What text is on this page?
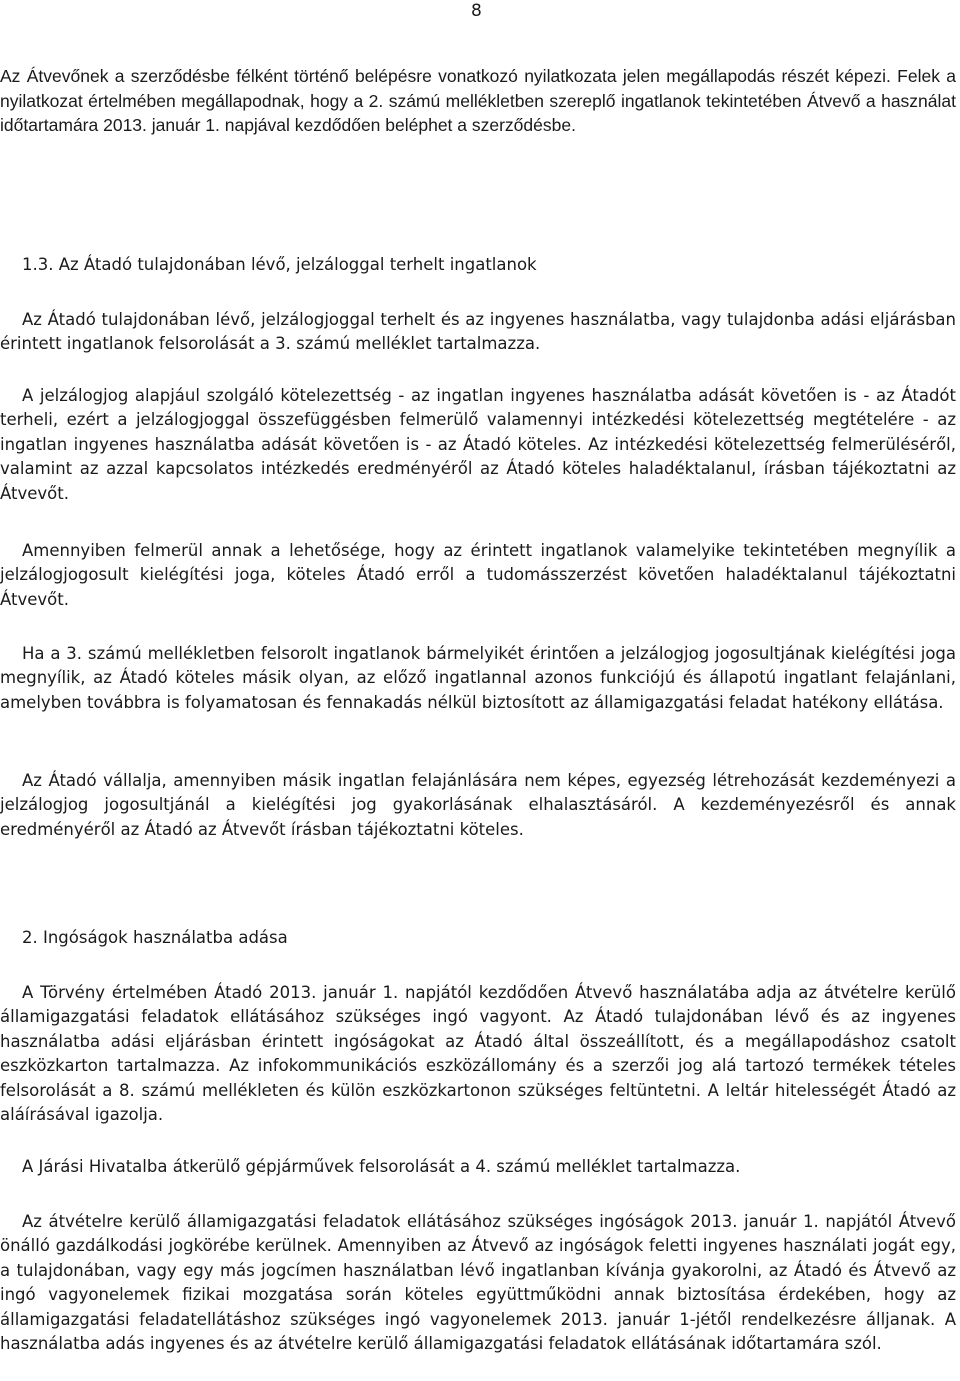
8

Az Átvevőnek a szerződésbe félként történő belépésre vonatkozó nyilatkozata jelen megállapodás részét képezi. Felek a nyilatkozat értelmében megállapodnak, hogy a 2. számú mellékletben szereplő ingatlanok tekintetében Átvevő a használat időtartamára 2013. január 1. napjával kezdődően beléphet a szerződésbe.

1.3. Az Átadó tulajdonában lévő, jelzáloggal terhelt ingatlanok

Az Átadó tulajdonában lévő, jelzálogjoggal terhelt és az ingyenes használatba, vagy tulajdonba adási eljárásban érintett ingatlanok felsorolását a 3. számú melléklet tartalmazza.

A jelzálogjog alapjául szolgáló kötelezettség - az ingatlan ingyenes használatba adását követően is - az Átadót terheli, ezért a jelzálogjoggal összefüggésben felmerülő valamennyi intézkedési kötelezettség megtételére - az ingatlan ingyenes használatba adását követően is - az Átadó köteles. Az intézkedési kötelezettség felmerüléséről, valamint az azzal kapcsolatos intézkedés eredményéről az Átadó köteles haladéktalanul, írásban tájékoztatni az Átvevőt.

Amennyiben felmerül annak a lehetősége, hogy az érintett ingatlanok valamelyike tekintetében megnyílik a jelzálogjogosult kielégítési joga, köteles Átadó erről a tudomásszerzést követően haladéktalanul tájékoztatni Átvevőt.

Ha a 3. számú mellékletben felsorolt ingatlanok bármelyikét érintően a jelzálogjog jogosultjának kielégítési joga megnyílik, az Átadó köteles másik olyan, az előző ingatlannal azonos funkciójú és állapotú ingatlant felajánlani, amelyben továbbra is folyamatosan és fennakadás nélkül biztosított az államigazgatási feladat hatékony ellátása.

Az Átadó vállalja, amennyiben másik ingatlan felajánlására nem képes, egyezség létrehozását kezdeményezi a jelzálogjog jogosultjánál a kielégítési jog gyakorlásának elhalasztásáról. A kezdeményezésről és annak eredményéről az Átadó az Átvevőt írásban tájékoztatni köteles.

2. Ingóságok használatba adása

A Törvény értelmében Átadó 2013. január 1. napjától kezdődően Átvevő használatába adja az átvételre kerülő államigazgatási feladatok ellátásához szükséges ingó vagyont. Az Átadó tulajdonában lévő és az ingyenes használatba adási eljárásban érintett ingóságokat az Átadó által összeállított, és a megállapodáshoz csatolt eszközkarton tartalmazza. Az infokommunikációs eszközállomány és a szerzői jog alá tartozó termékek tételes felsorolását a 8. számú mellékleten és külön eszközkartonon szükséges feltüntetni. A leltár hitelességét Átadó az aláírásával igazolja.

A Járási Hivatalba átkerülő gépjárművek felsorolását a 4. számú melléklet tartalmazza.

Az átvételre kerülő államigazgatási feladatok ellátásához szükséges ingóságok 2013. január 1. napjától Átvevő önálló gazdálkodási jogkörébe kerülnek. Amennyiben az Átvevő az ingóságok feletti ingyenes használati jogát egy, a tulajdonában, vagy egy más jogcímen használatban lévő ingatlanban kívánja gyakorolni, az Átadó és Átvevő az ingó vagyonelemek fizikai mozgatása során köteles együttműködni annak biztosítása érdekében, hogy az államigazgatási feladatellátáshoz szükséges ingó vagyonelemek 2013. január 1-jétől rendelkezésre álljanak. A használatba adás ingyenes és az átvételre kerülő államigazgatási feladatok ellátásának időtartamára szól.
